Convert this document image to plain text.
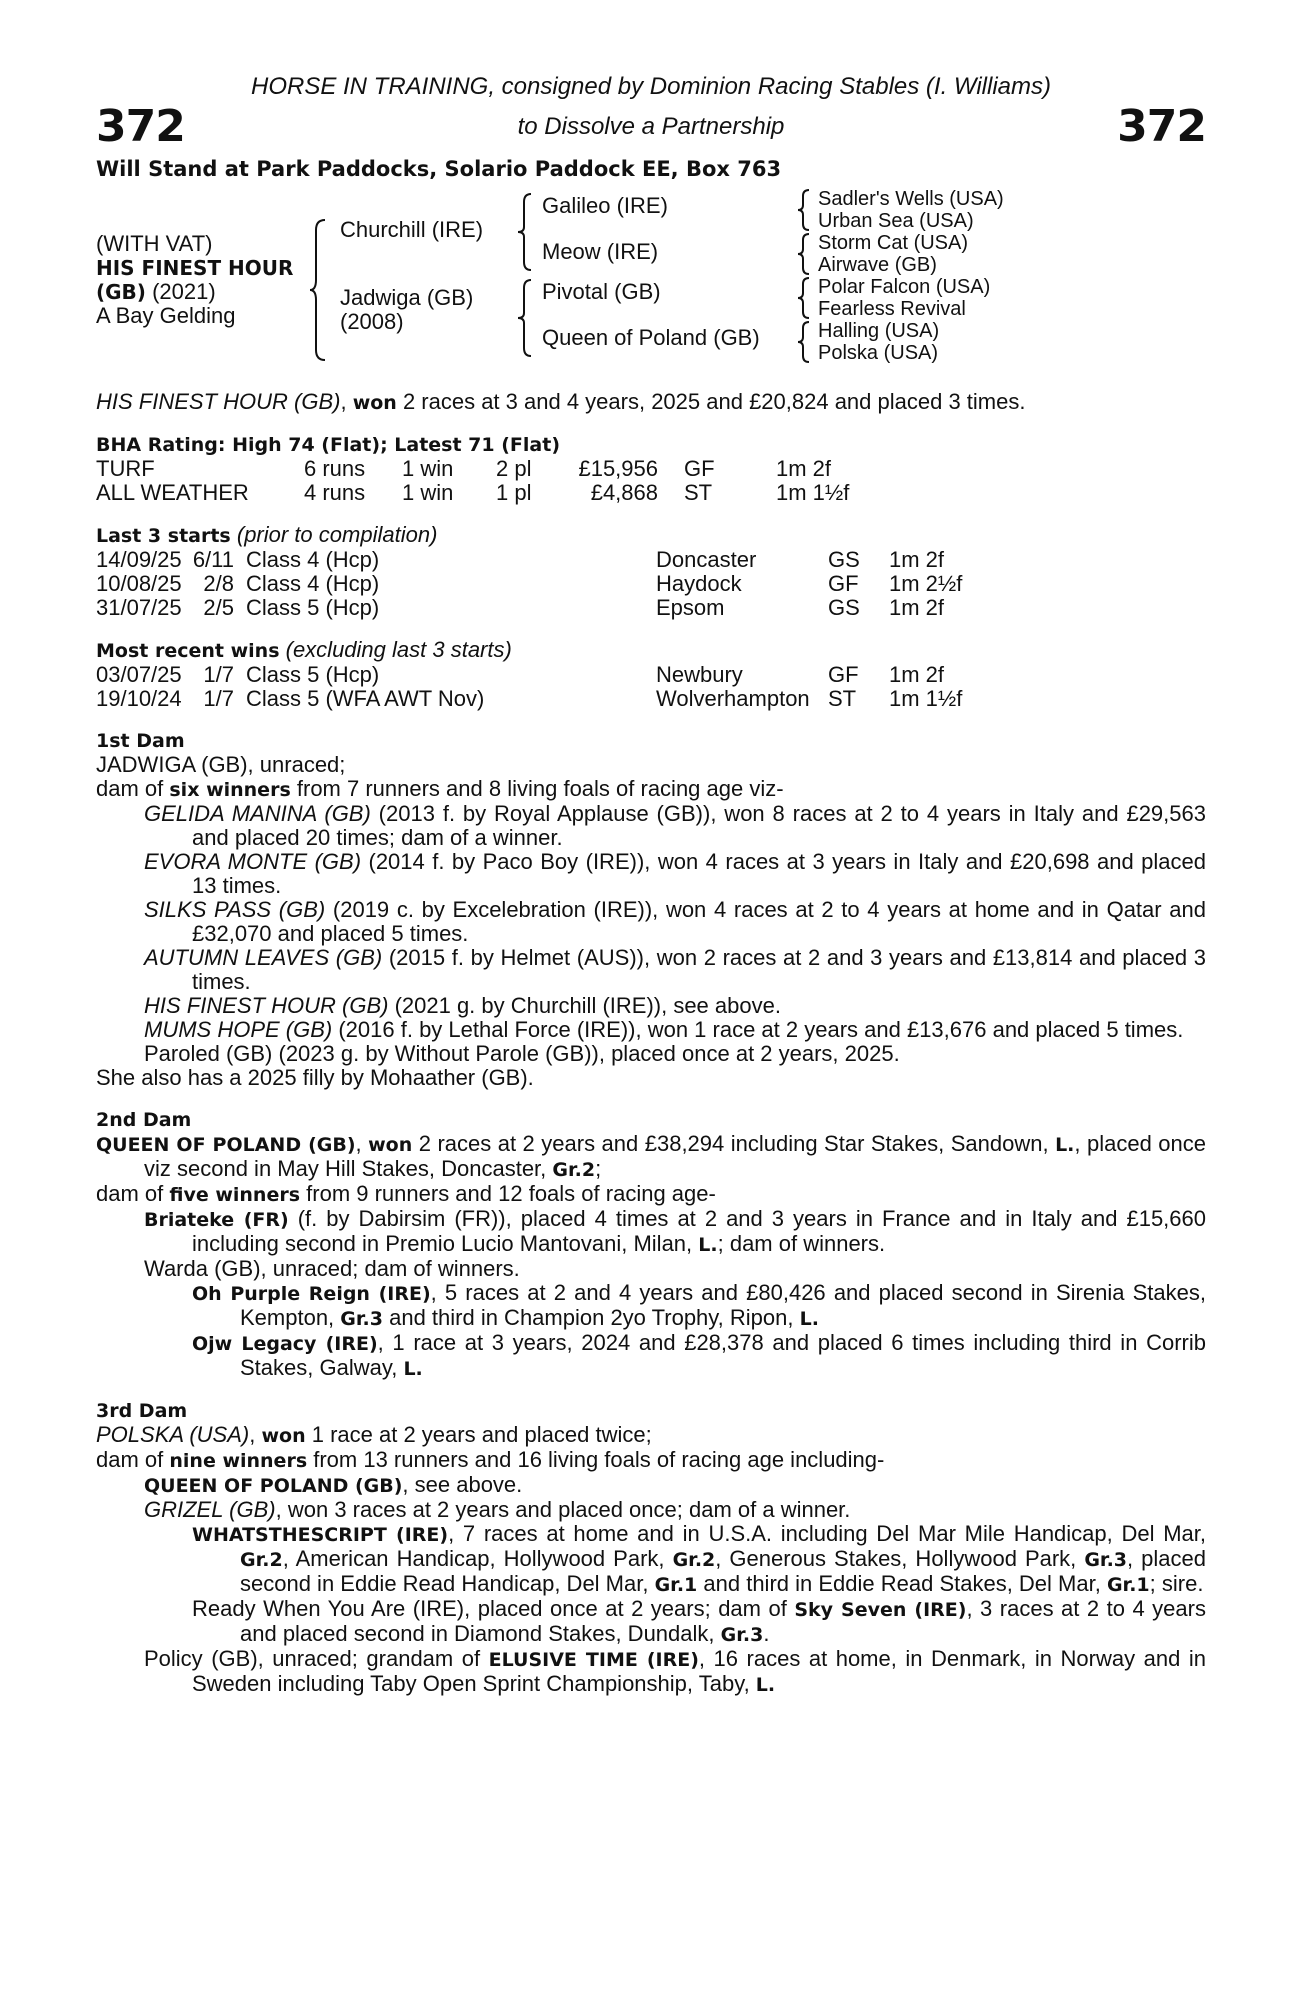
HORSE IN TRAINING, consigned by Dominion Racing Stables (I. Williams)
372	to Dissolve a Partnership	372
Will Stand at Park Paddocks, Solario Paddock EE, Box 763
(WITH VAT)
HIS FINEST HOUR
(GB) (2021)
A Bay Gelding
Churchill (IRE)
Jadwiga (GB)
(2008)
Galileo (IRE)
Meow (IRE)
Pivotal (GB)
Queen of Poland (GB)
Sadler's Wells (USA)
Urban Sea (USA)
Storm Cat (USA)
Airwave (GB)
Polar Falcon (USA)
Fearless Revival
Halling (USA)
Polska (USA)
HIS FINEST HOUR (GB), won 2 races at 3 and 4 years, 2025 and £20,824 and placed 3 times.
BHA Rating: High 74 (Flat); Latest 71 (Flat)
TURF	6 runs 1 win 2 pl	£15,956 GF	1m 2f
ALL WEATHER	4 runs 1 win 1 pl	£4,868 ST	1m 1½f
Last 3 starts (prior to compilation)
14/09/25 6/11 Class 4 (Hcp)	Doncaster	GS 1m 2f
10/08/25 2/8 Class 4 (Hcp)	Haydock	GF 1m 2½f
31/07/25 2/5 Class 5 (Hcp)	Epsom	GS 1m 2f
Most recent wins (excluding last 3 starts)
03/07/25 1/7 Class 5 (Hcp)	Newbury	GF 1m 2f
19/10/24 1/7 Class 5 (WFA AWT Nov)	Wolverhampton ST 1m 1½f
1st Dam

JADWIGA (GB), unraced;

dam of six winners from 7 runners and 8 living foals of racing age viz-

GELIDA MANINA (GB) (2013 f. by Royal Applause (GB)), won 8 races at 2 to 4 years in Italy and £29,563 and placed 20 times; dam of a winner.

EVORA MONTE (GB) (2014 f. by Paco Boy (IRE)), won 4 races at 3 years in Italy and £20,698 and placed 13 times.

SILKS PASS (GB) (2019 c. by Excelebration (IRE)), won 4 races at 2 to 4 years at home and in Qatar and £32,070 and placed 5 times.

AUTUMN LEAVES (GB) (2015 f. by Helmet (AUS)), won 2 races at 2 and 3 years and £13,814 and placed 3 times.

HIS FINEST HOUR (GB) (2021 g. by Churchill (IRE)), see above.

MUMS HOPE (GB) (2016 f. by Lethal Force (IRE)), won 1 race at 2 years and £13,676 and placed 5 times.

Paroled (GB) (2023 g. by Without Parole (GB)), placed once at 2 years, 2025.

She also has a 2025 filly by Mohaather (GB).

2nd Dam

QUEEN OF POLAND (GB), won 2 races at 2 years and £38,294 including Star Stakes, Sandown, L., placed once viz second in May Hill Stakes, Doncaster, Gr.2;

dam of five winners from 9 runners and 12 foals of racing age-

Briateke (FR) (f. by Dabirsim (FR)), placed 4 times at 2 and 3 years in France and in Italy and £15,660 including second in Premio Lucio Mantovani, Milan, L.; dam of winners.

Warda (GB), unraced; dam of winners.

Oh Purple Reign (IRE), 5 races at 2 and 4 years and £80,426 and placed second in Sirenia Stakes, Kempton, Gr.3 and third in Champion 2yo Trophy, Ripon, L.

Ojw Legacy (IRE), 1 race at 3 years, 2024 and £28,378 and placed 6 times including third in Corrib Stakes, Galway, L.

3rd Dam

POLSKA (USA), won 1 race at 2 years and placed twice;

dam of nine winners from 13 runners and 16 living foals of racing age including-

QUEEN OF POLAND (GB), see above.

GRIZEL (GB), won 3 races at 2 years and placed once; dam of a winner.

WHATSTHESCRIPT (IRE), 7 races at home and in U.S.A. including Del Mar Mile Handicap, Del Mar, Gr.2, American Handicap, Hollywood Park, Gr.2, Generous Stakes, Hollywood Park, Gr.3, placed second in Eddie Read Handicap, Del Mar, Gr.1 and third in Eddie Read Stakes, Del Mar, Gr.1; sire.

Ready When You Are (IRE), placed once at 2 years; dam of Sky Seven (IRE), 3 races at 2 to 4 years and placed second in Diamond Stakes, Dundalk, Gr.3.

Policy (GB), unraced; grandam of ELUSIVE TIME (IRE), 16 races at home, in Denmark, in Norway and in Sweden including Taby Open Sprint Championship, Taby, L.
